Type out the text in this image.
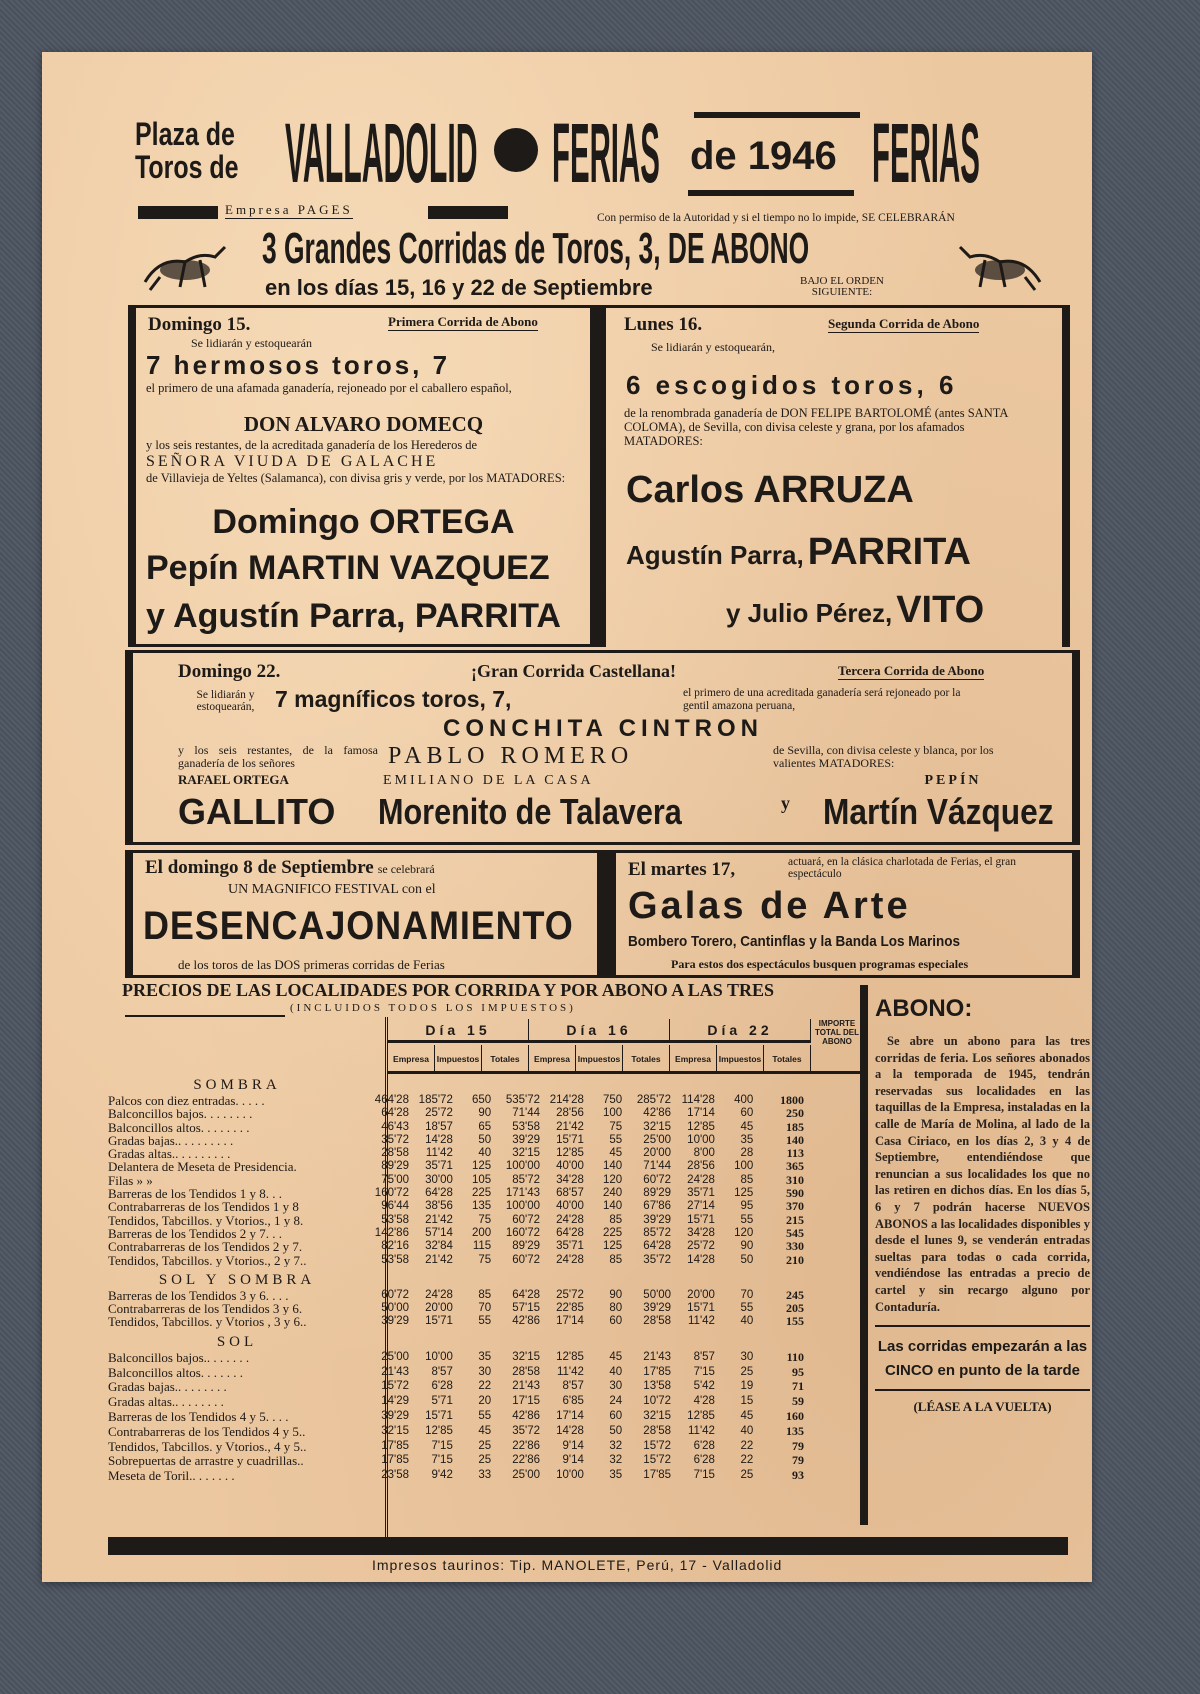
Plaza de
Toros de VALLADOLID FERIAS de 1946 FERIAS
Empresa PAGES
Con permiso de la Autoridad y si el tiempo no lo impide, SE CELEBRARÁN
3 Grandes Corridas de Toros, 3, DE ABONO
en los días 15, 16 y 22 de Septiembre	BAJO EL ORDEN
SIGUIENTE:
Domingo 15.	Primera Corrida de Abono
Se lidiarán y estoquearán
7 hermosos toros, 7
el primero de una afamada ganadería, rejoneado por el caballero español,
DON ALVARO DOMECQ
y los seis restantes, de la acreditada ganadería de los Herederos de
SEÑORA VIUDA DE GALACHE
de Villavieja de Yeltes (Salamanca), con divisa gris y verde, por los MATADORES:
Domingo ORTEGA
Pepín MARTIN VAZQUEZ
y Agustín Parra, PARRITA
Lunes 16.	Segunda Corrida de Abono
Se lidiarán y estoquearán,
6 escogidos toros, 6
de la renombrada ganadería de DON FELIPE BARTOLOMÉ (antes SANTA COLOMA), de Sevilla, con divisa celeste y grana, por los afamados MATADORES:
Carlos ARRUZA
Agustín Parra, PARRITA
y Julio Pérez, VITO
Domingo 22.	¡Gran Corrida Castellana!	Tercera Corrida de Abono
Se lidiarán y estoquearán, 7 magníficos toros, 7,	el primero de una acreditada ganadería será rejoneado por la gentil amazona peruana,
CONCHITA CINTRON
y los seis restantes, de la famosa ganadería de los señores	PABLO ROMERO	de Sevilla, con divisa celeste y blanca, por los valientes MATADORES:
RAFAEL ORTEGA
GALLITO
EMILIANO DE LA CASA
Morenito de Talavera	y
PEPÍN
Martín Vázquez
El domingo 8 de Septiembre se celebrará
UN MAGNIFICO FESTIVAL con el
DESENCAJONAMIENTO
de los toros de las DOS primeras corridas de Ferias
El martes 17,	actuará, en la clásica charlotada de Ferias, el gran espectáculo
Galas de Arte
Bombero Torero, Cantinflas y la Banda Los Marinos
Para estos dos espectáculos busquen programas especiales
PRECIOS DE LAS LOCALIDADES POR CORRIDA Y POR ABONO A LAS TRES
(INCLUIDOS TODOS LOS IMPUESTOS)
Día 15	Día 16	Día 22	IMPORTE TOTAL DEL ABONO
Empresa Impuestos	Totales	Empresa Impuestos	Totales	Empresa Impuestos	Totales
SOMBRA
Palcos con diez entradas. . . . .	464'28 185'72	650	535'72 214'28	750	285'72 114'28	400	1800
Balconcillos bajos. . . . . . . .	64'28	25'72	90	71'44	28'56	100	42'86	17'14	60	250
Balconcillos altos. . . . . . . .	46'43	18'57	65	53'58	21'42	75	32'15	12'85	45	185
Gradas bajas.. . . . . . . . .	35'72	14'28	50	39'29	15'71	55	25'00	10'00	35	140
Gradas altas.. . . . . . . . .	28'58	11'42	40	32'15	12'85	45	20'00	8'00	28	113
Delantera de Meseta de Presidencia.	89'29	35'71	125	100'00	40'00	140	71'44	28'56	100	365
Filas » »	75'00	30'00	105	85'72	34'28	120	60'72	24'28	85	310
Barreras de los Tendidos 1 y 8. . .	160'72	64'28	225	171'43	68'57	240	89'29	35'71	125	590
Contrabarreras de los Tendidos 1 y 8	96'44	38'56	135	100'00	40'00	140	67'86	27'14	95	370
Tendidos, Tabcillos. y Vtorios., 1 y 8.	53'58	21'42	75	60'72	24'28	85	39'29	15'71	55	215
Barreras de los Tendidos 2 y 7. . .	142'86	57'14	200	160'72	64'28	225	85'72	34'28	120	545
Contrabarreras de los Tendidos 2 y 7.	82'16	32'84	115	89'29	35'71	125	64'28	25'72	90	330
Tendidos, Tabcillos. y Vtorios., 2 y 7..	53'58	21'42	75	60'72	24'28	85	35'72	14'28	50	210
SOL Y SOMBRA
Barreras de los Tendidos 3 y 6. . . .	60'72	24'28	85	64'28	25'72	90	50'00	20'00	70	245
Contrabarreras de los Tendidos 3 y 6.	50'00	20'00	70	57'15	22'85	80	39'29	15'71	55	205
Tendidos, Tabcillos. y Vtorios , 3 y 6..	39'29	15'71	55	42'86	17'14	60	28'58	11'42	40	155
SOL
Balconcillos bajos.. . . . . . .	25'00	10'00	35	32'15	12'85	45	21'43	8'57	30	110
Balconcillos altos. . . . . . .	21'43	8'57	30	28'58	11'42	40	17'85	7'15	25	95
Gradas bajas.. . . . . . . .	15'72	6'28	22	21'43	8'57	30	13'58	5'42	19	71
Gradas altas.. . . . . . . .	14'29	5'71	20	17'15	6'85	24	10'72	4'28	15	59
Barreras de los Tendidos 4 y 5. . . .	39'29	15'71	55	42'86	17'14	60	32'15	12'85	45	160
Contrabarreras de los Tendidos 4 y 5..	32'15	12'85	45	35'72	14'28	50	28'58	11'42	40	135
Tendidos, Tabcillos. y Vtorios., 4 y 5..	17'85	7'15	25	22'86	9'14	32	15'72	6'28	22	79
Sobrepuertas de arrastre y cuadrillas..	17'85	7'15	25	22'86	9'14	32	15'72	6'28	22	79
Meseta de Toril.. . . . . . .	23'58	9'42	33	25'00	10'00	35	17'85	7'15	25	93
ABONO:
Se abre un abono para las tres corridas de feria. Los señores abonados a la temporada de 1945, tendrán reservadas sus localidades en las taquillas de la Empresa, instaladas en la calle de María de Molina, al lado de la Casa Ciriaco, en los días 2, 3 y 4 de Septiembre, entendiéndose que renuncian a sus localidades los que no las retiren en dichos días. En los días 5, 6 y 7 podrán hacerse NUEVOS ABONOS a las localidades disponibles y desde el lunes 9, se venderán entradas sueltas para todas o cada corrida, vendiéndose las entradas a precio de cartel y sin recargo alguno por Contaduría.
Las corridas empezarán a las CINCO en punto de la tarde
(LÉASE A LA VUELTA)
Impresos taurinos: Tip. MANOLETE, Perú, 17 - Valladolid
